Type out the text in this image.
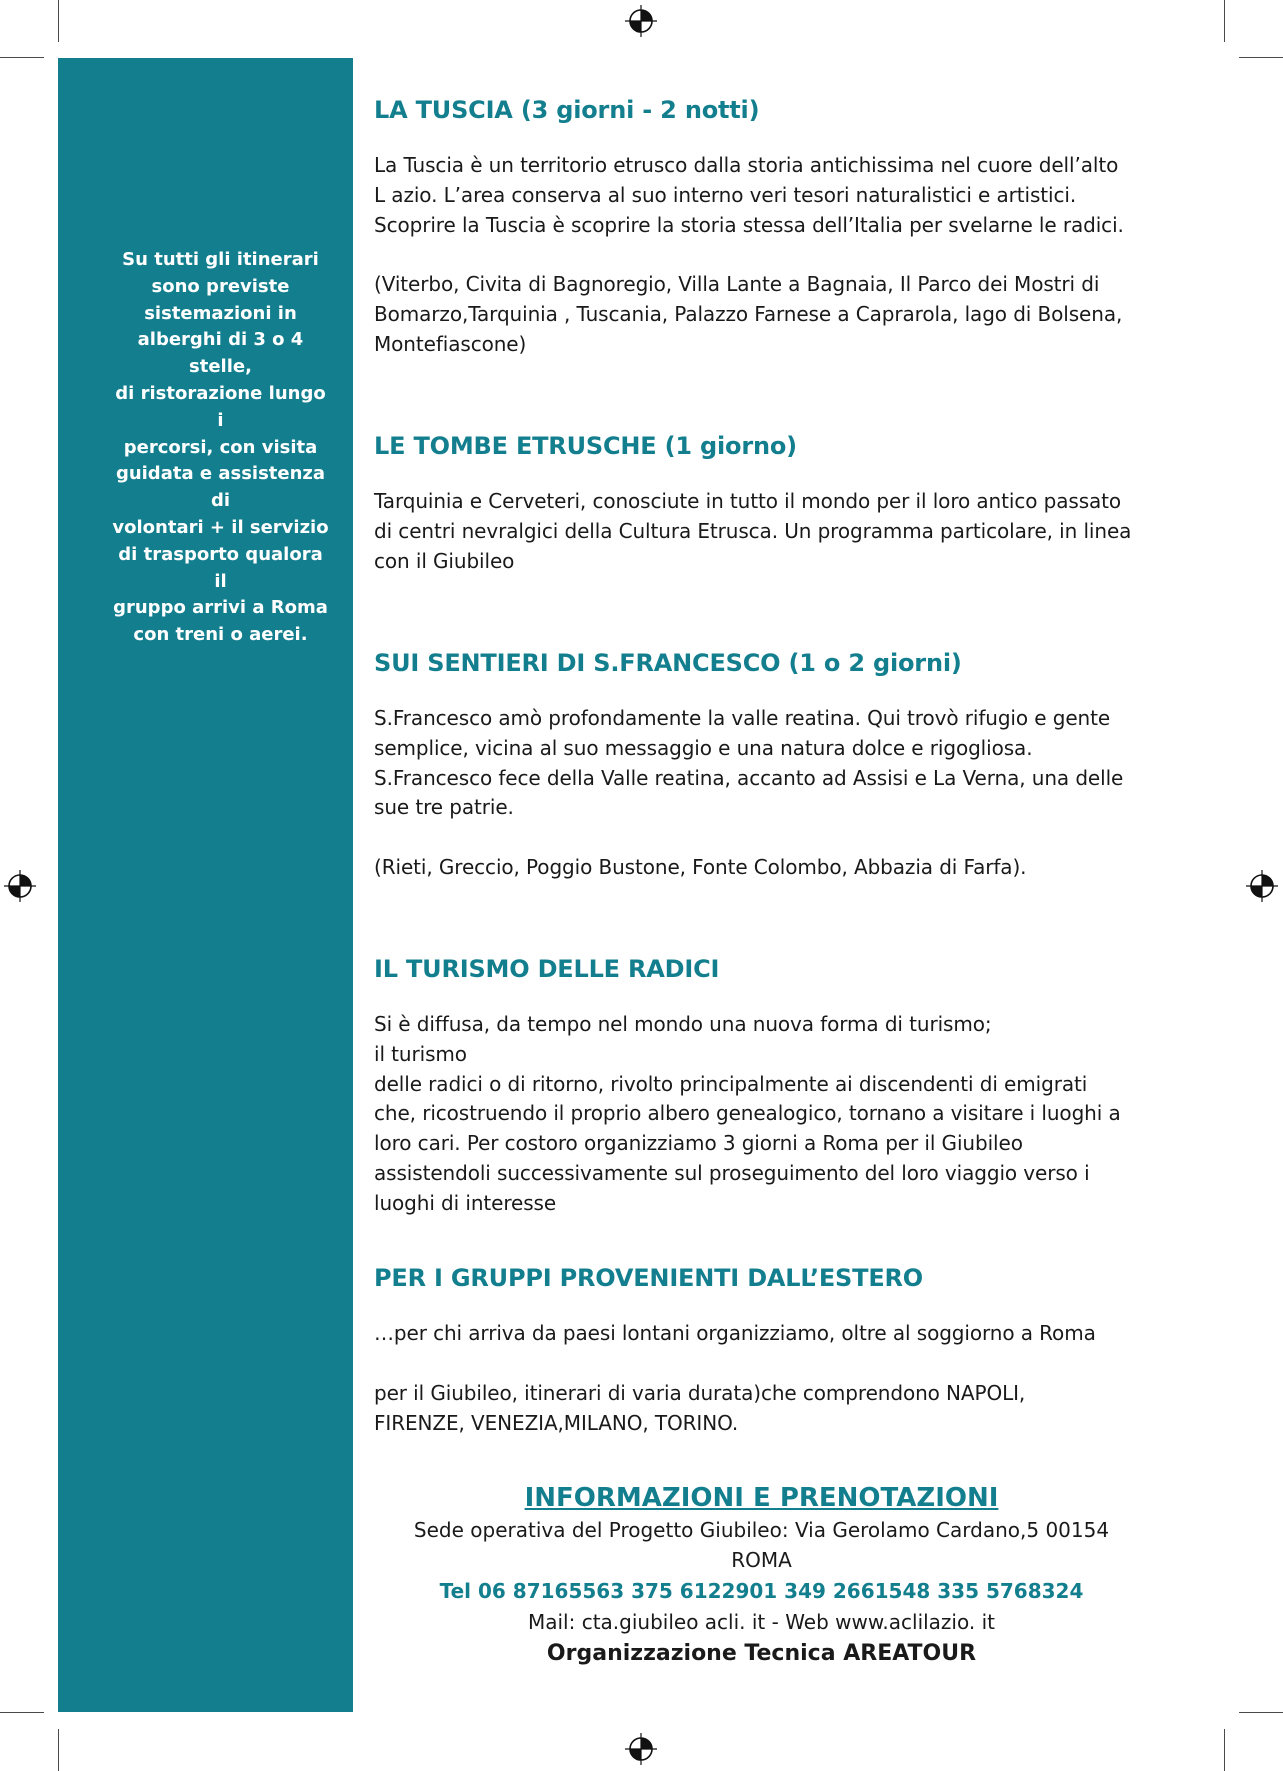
Su tutti gli itinerari
sono previste
sistemazioni in
alberghi di 3 o 4 stelle,
di ristorazione lungo i
percorsi, con visita
guidata e assistenza di
volontari + il servizio
di trasporto qualora il
gruppo arrivi a Roma
con treni o aerei.
LA TUSCIA (3 giorni - 2 notti)

La Tuscia è un territorio etrusco dalla storia antichissima nel cuore dell’alto
L azio. L’area conserva al suo interno veri tesori naturalistici e artistici.
Scoprire la Tuscia è scoprire la storia stessa dell’Italia per svelarne le radici.

(Viterbo, Civita di Bagnoregio, Villa Lante a Bagnaia, Il Parco dei Mostri di
Bomarzo,Tarquinia , Tuscania, Palazzo Farnese a Caprarola, lago di Bolsena,
Montefiascone)

LE TOMBE ETRUSCHE (1 giorno)

Tarquinia e Cerveteri, conosciute in tutto il mondo per il loro antico passato
di centri nevralgici della Cultura Etrusca. Un programma particolare, in linea
con il Giubileo

SUI SENTIERI DI S.FRANCESCO (1 o 2 giorni)

S.Francesco amò profondamente la valle reatina. Qui trovò rifugio e gente
semplice, vicina al suo messaggio e una natura dolce e rigogliosa.
S.Francesco fece della Valle reatina, accanto ad Assisi e La Verna, una delle
sue tre patrie.

(Rieti, Greccio, Poggio Bustone, Fonte Colombo, Abbazia di Farfa).

IL TURISMO DELLE RADICI

Si è diffusa, da tempo nel mondo una nuova forma di turismo;
il turismo
delle radici o di ritorno, rivolto principalmente ai discendenti di emigrati
che, ricostruendo il proprio albero genealogico, tornano a visitare i luoghi a
loro cari. Per costoro organizziamo 3 giorni a Roma per il Giubileo
assistendoli successivamente sul proseguimento del loro viaggio verso i
luoghi di interesse

PER I GRUPPI PROVENIENTI DALL’ESTERO

…per chi arriva da paesi lontani organizziamo, oltre al soggiorno a Roma

per il Giubileo, itinerari di varia durata)che comprendono NAPOLI,
FIRENZE, VENEZIA,MILANO, TORINO.

INFORMAZIONI E PRENOTAZIONI
Sede operativa del Progetto Giubileo: Via Gerolamo Cardano,5 00154
ROMA
Tel 06 87165563 375 6122901 349 2661548 335 5768324
Mail: cta.giubileo acli. it - Web www.aclilazio. it
Organizzazione Tecnica AREATOUR
